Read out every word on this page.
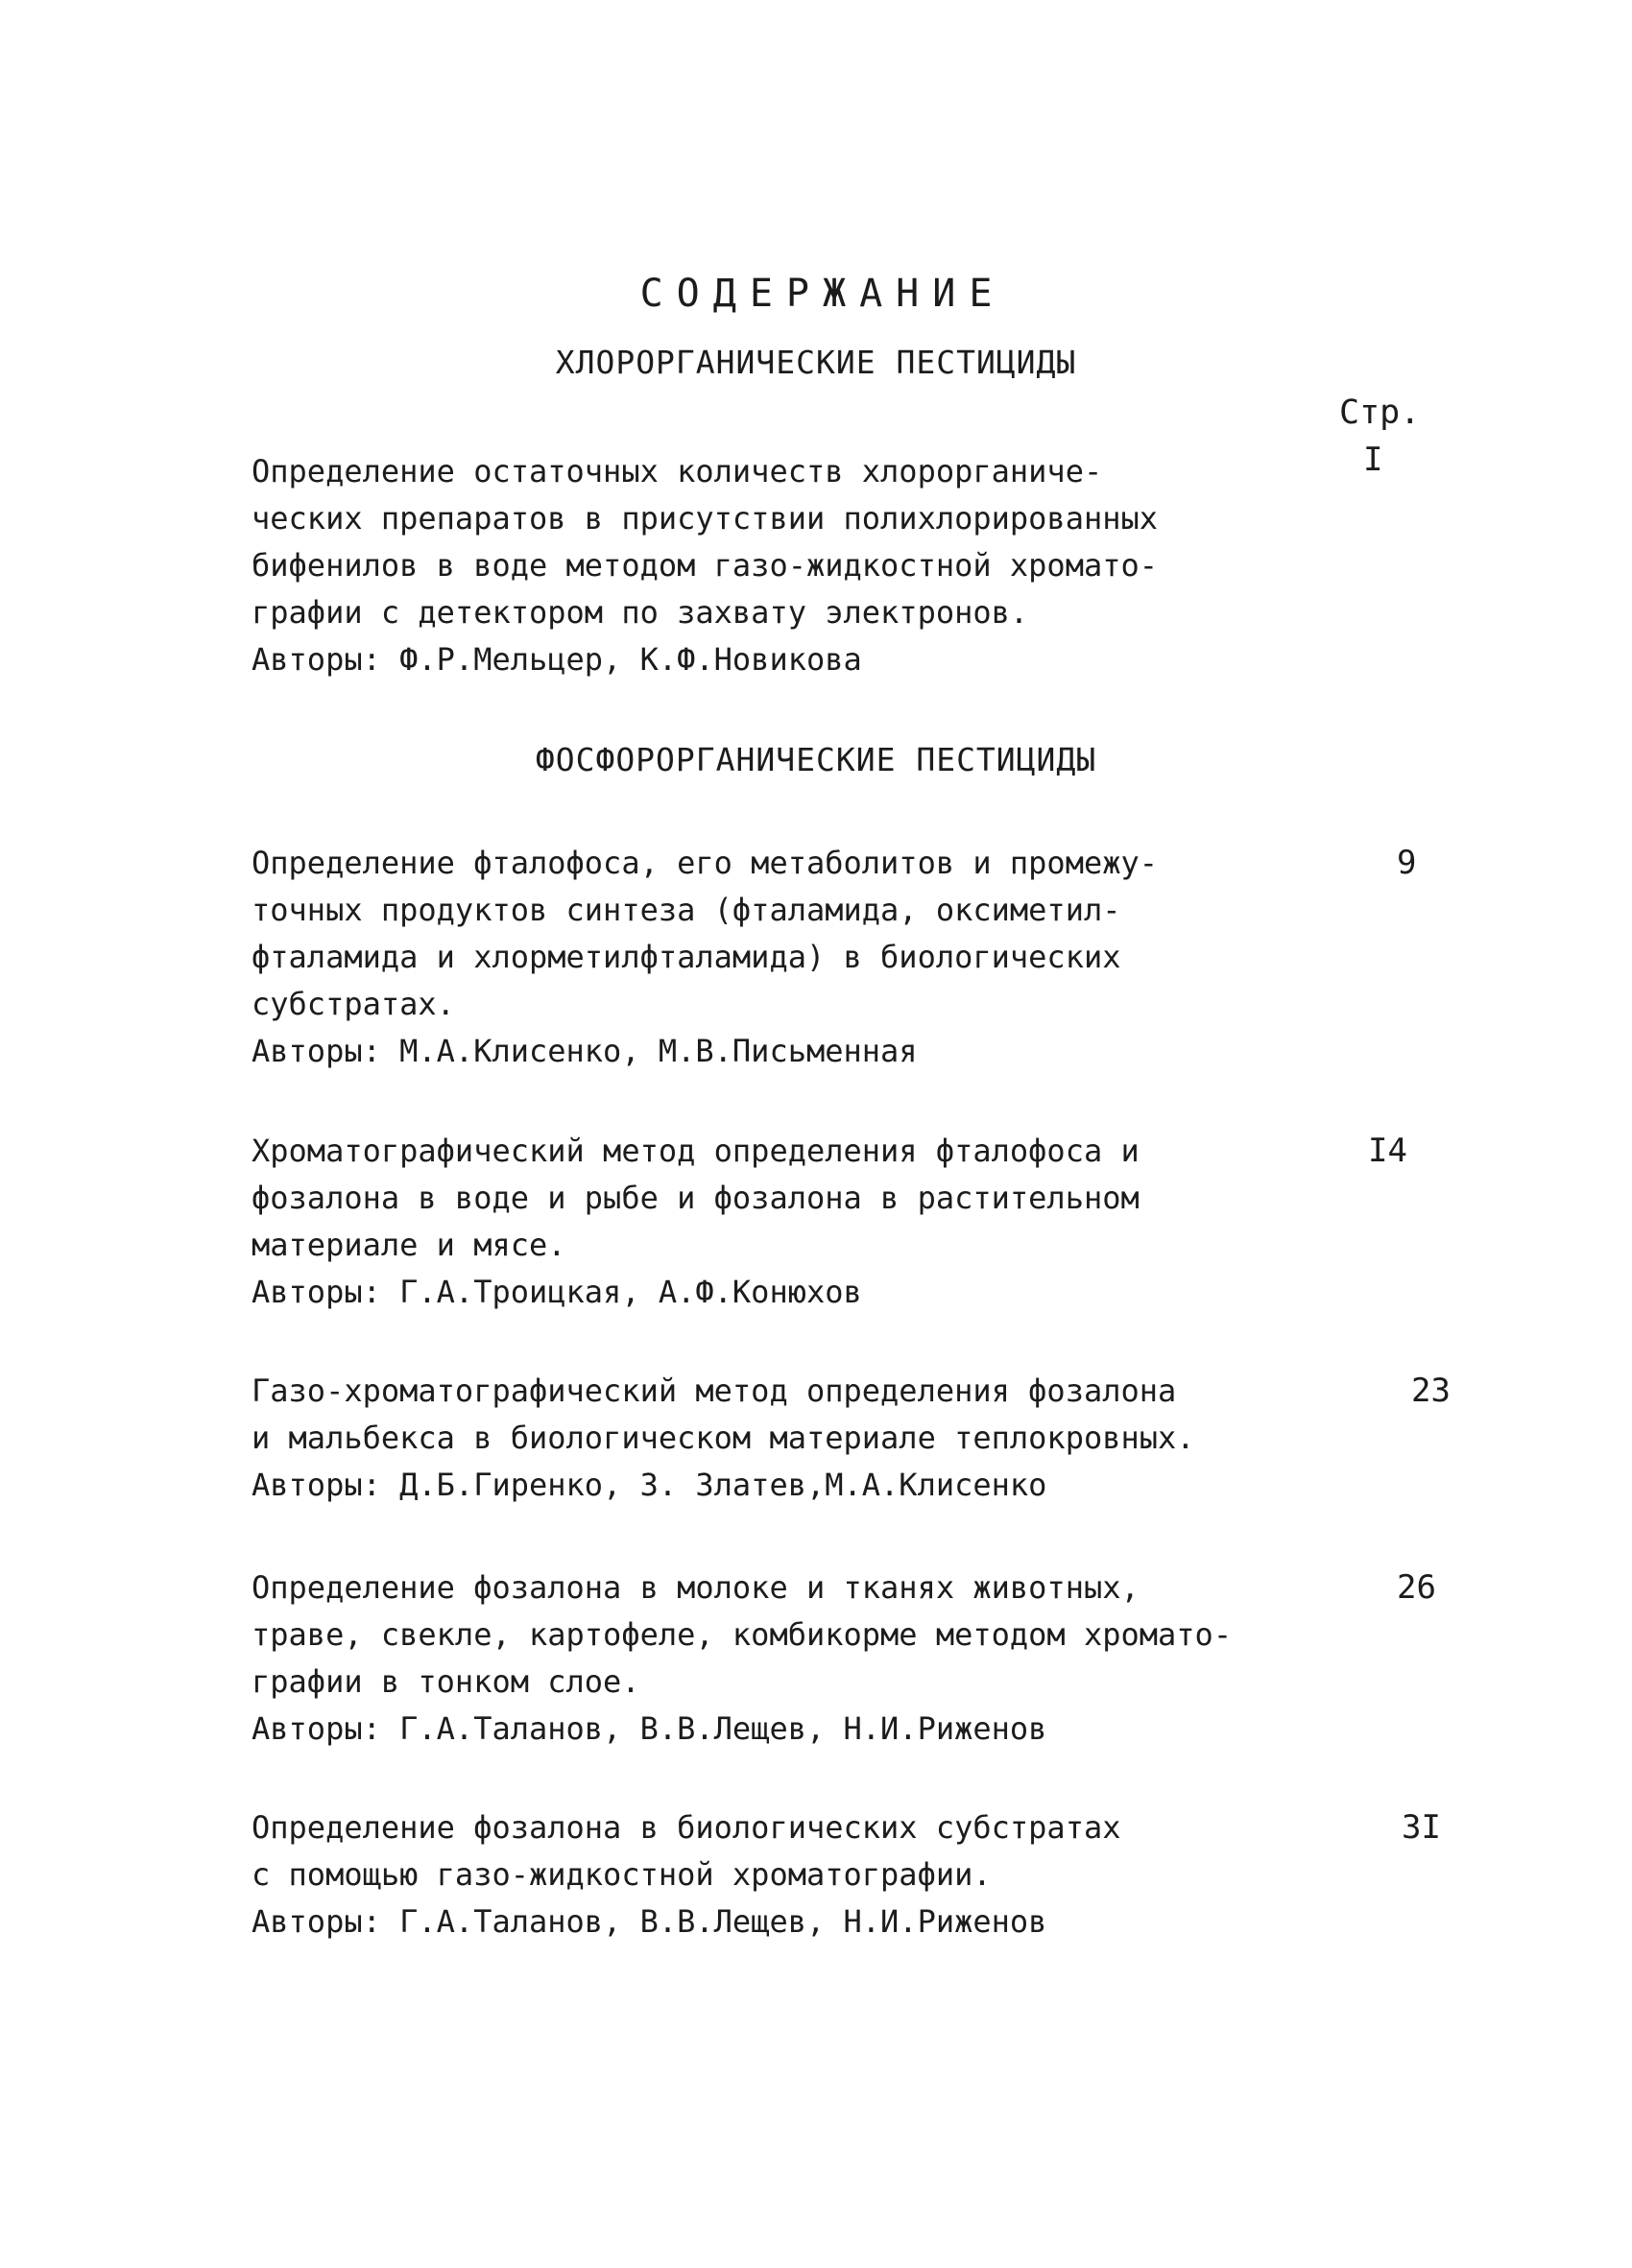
СОДЕРЖАНИЕ
ХЛОРОРГАНИЧЕСКИЕ ПЕСТИЦИДЫ
Стр.
Определение остаточных количеств хлорорганиче-
ческих препаратов в присутствии полихлорированных
бифенилов в воде методом газо-жидкостной хромато-
графии с детектором по захвату электронов.
Авторы: Ф.Р.Мельцер, К.Ф.Новикова
I
ФОСФОРОРГАНИЧЕСКИЕ ПЕСТИЦИДЫ
Определение фталофоса, его метаболитов и промежу-
точных продуктов синтеза (фталамида, оксиметил-
фталамида и хлорметилфталамида) в биологических
субстратах.
Авторы: М.А.Клисенко, М.В.Письменная
9
Хроматографический метод определения фталофоса и
фозалона в воде и рыбе и фозалона в растительном
материале и мясе.
Авторы: Г.А.Троицкая, А.Ф.Конюхов
I4
Газо-хроматографический метод определения фозалона
и мальбекса в биологическом материале теплокровных.
Авторы: Д.Б.Гиренко, З. Златев,М.А.Клисенко
23
Определение фозалона в молоке и тканях животных,
траве, свекле, картофеле, комбикорме методом хромато-
графии в тонком слое.
Авторы: Г.А.Таланов, В.В.Лещев, Н.И.Риженов
26
Определение фозалона в биологических субстратах
с помощью газо-жидкостной хроматографии.
Авторы: Г.А.Таланов, В.В.Лещев, Н.И.Риженов
3I
